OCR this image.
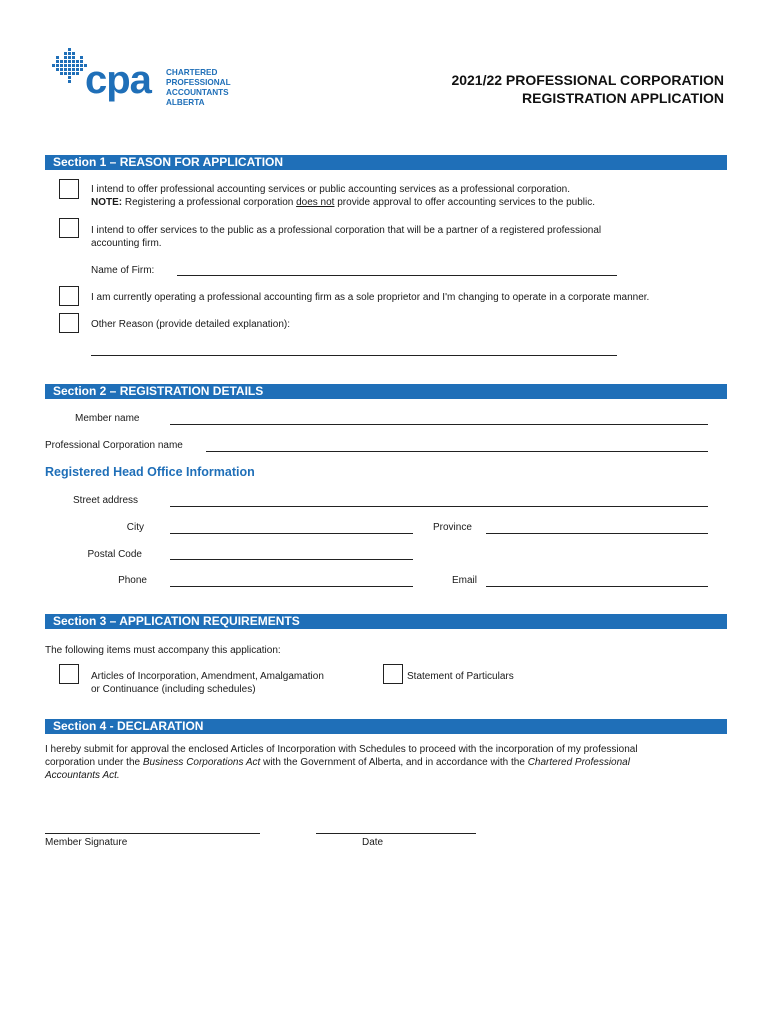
cpa CHARTERED
PROFESSIONAL
ACCOUNTANTS
ALBERTA
2021/22 PROFESSIONAL CORPORATION
REGISTRATION APPLICATION
Section 1 – REASON FOR APPLICATION
I intend to offer professional accounting services or public accounting services as a professional corporation.
NOTE: Registering a professional corporation does not provide approval to offer accounting services to the public.
I intend to offer services to the public as a professional corporation that will be a partner of a registered professional
accounting firm.
Name of Firm:
I am currently operating a professional accounting firm as a sole proprietor and I'm changing to operate in a corporate manner.
Other Reason (provide detailed explanation):
Section 2 – REGISTRATION DETAILS
Member name
Professional Corporation name
Registered Head Office Information
Street address
City	Province
Postal Code
Phone	Email
Section 3 – APPLICATION REQUIREMENTS
The following items must accompany this application:
Articles of Incorporation, Amendment, Amalgamation
or Continuance (including schedules)
Statement of Particulars
Section 4 - DECLARATION
I hereby submit for approval the enclosed Articles of Incorporation with Schedules to proceed with the incorporation of my professional
corporation under the Business Corporations Act with the Government of Alberta, and in accordance with the Chartered Professional
Accountants Act.
Member Signature	Date
